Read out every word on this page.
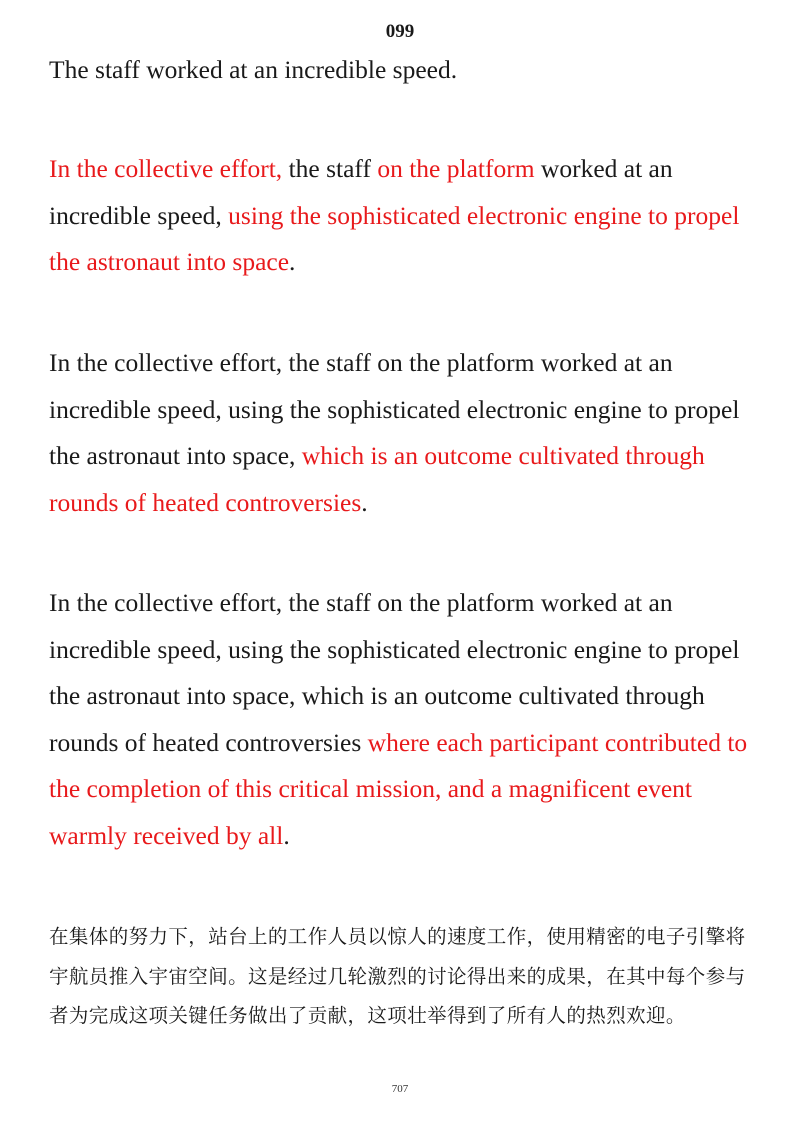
099

The staff worked at an incredible speed.

In the collective effort, the staff on the platform worked at an incredible speed, using the sophisticated electronic engine to propel the astronaut into space.

In the collective effort, the staff on the platform worked at an incredible speed, using the sophisticated electronic engine to propel the astronaut into space, which is an outcome cultivated through rounds of heated controversies.

In the collective effort, the staff on the platform worked at an incredible speed, using the sophisticated electronic engine to propel the astronaut into space, which is an outcome cultivated through rounds of heated controversies where each participant contributed to the completion of this critical mission, and a magnificent event warmly received by all.

在集体的努力下，站台上的工作人员以惊人的速度工作，使用精密的电子引擎将宇航员推入宇宙空间。这是经过几轮激烈的讨论得出来的成果，在其中每个参与者为完成这项关键任务做出了贡献，这项壮举得到了所有人的热烈欢迎。

707
